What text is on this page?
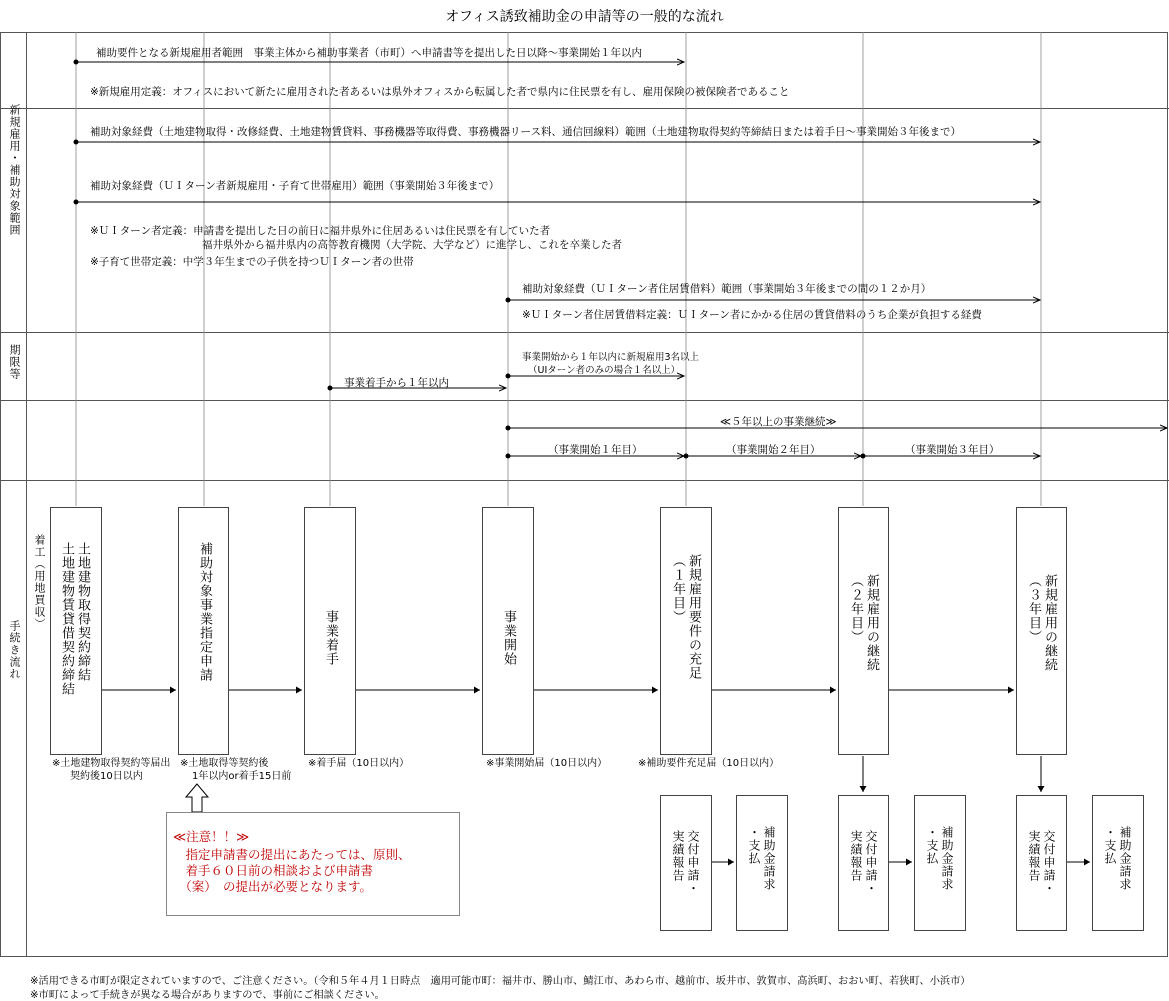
オフィス誘致補助金の申請等の一般的な流れ
新規雇用・補助対象範囲
期限等
手続き流れ
補助要件となる新規雇用者範囲　事業主体から補助事業者（市町）へ申請書等を提出した日以降～事業開始１年以内
※新規雇用定義：オフィスにおいて新たに雇用された者あるいは県外オフィスから転属した者で県内に住民票を有し、雇用保険の被保険者であること
補助対象経費（土地建物取得・改修経費、土地建物賃貸料、事務機器等取得費、事務機器リース料、通信回線料）範囲（土地建物取得契約等締結日または着手日～事業開始３年後まで）
補助対象経費（ＵＩターン者新規雇用・子育て世帯雇用）範囲（事業開始３年後まで）
※ＵＩターン者定義：申請書を提出した日の前日に福井県外に住居あるいは住民票を有していた者
福井県外から福井県内の高等教育機関（大学院、大学など）に進学し、これを卒業した者
※子育て世帯定義：中学３年生までの子供を持つＵＩターン者の世帯
補助対象経費（ＵＩターン者住居賃借料）範囲（事業開始３年後までの間の１２か月）
※ＵＩターン者住居賃借料定義：ＵＩターン者にかかる住居の賃貸借料のうち企業が負担する経費
事業着手から１年以内
事業開始から１年以内に新規雇用3名以上
（UIターン者のみの場合１名以上）
≪５年以上の事業継続≫
（事業開始１年目）	（事業開始２年目）	（事業開始３年目）
着工（用地買収）	土地建物取得契約締結
土地建物賃貸借契約締結	補助対象事業指定申請	事業着手	事業開始	新規雇用要件の充足
（１年目）	新規雇用の継続
（２年目）	新規雇用の継続
（３年目）
※土地建物取得契約等届出
契約後10日以内
※土地取得等契約後
1年以内or着手15日前
※着手届（10日以内）	※事業開始届（10日以内）	※補助要件充足届（10日以内）
交付申請・
実績報告	補助金請求
・支払	交付申請・
実績報告	補助金請求
・支払	交付申請・
実績報告	補助金請求
・支払
≪注意！！≫
　指定申請書の提出にあたっては、原則、
　着手６０日前の相談および申請書
　（案）　の提出が必要となります。
※活用できる市町が限定されていますので、ご注意ください。（令和５年４月１日時点　適用可能市町：福井市、勝山市、鯖江市、あわら市、越前市、坂井市、敦賀市、高浜町、おおい町、若狭町、小浜市）
※市町によって手続きが異なる場合がありますので、事前にご相談ください。
